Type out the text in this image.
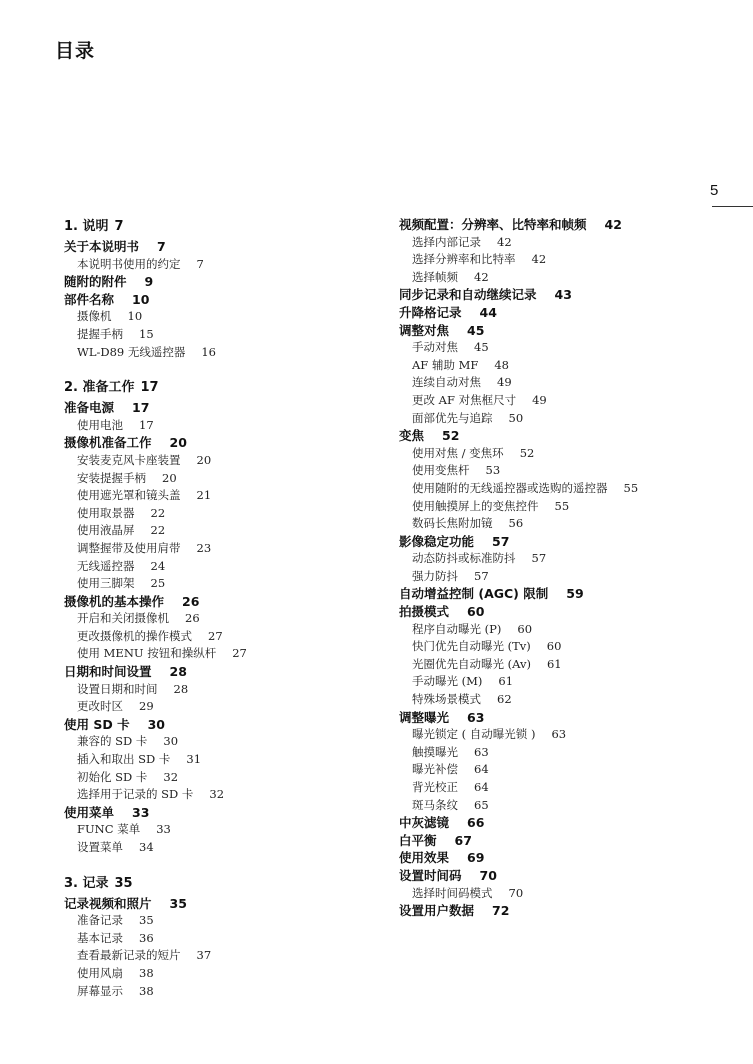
目录
5
1. 说明 7
关于本说明书 7
本说明书使用的约定 7
随附的附件 9
部件名称 10
摄像机 10
提握手柄 15
WL-D89 无线遥控器 16
2. 准备工作 17
准备电源 17
使用电池 17
摄像机准备工作 20
安装麦克风卡座装置 20
安装提握手柄 20
使用遮光罩和镜头盖 21
使用取景器 22
使用液晶屏 22
调整握带及使用肩带 23
无线遥控器 24
使用三脚架 25
摄像机的基本操作 26
开启和关闭摄像机 26
更改摄像机的操作模式 27
使用 MENU 按钮和操纵杆 27
日期和时间设置 28
设置日期和时间 28
更改时区 29
使用 SD 卡 30
兼容的 SD 卡 30
插入和取出 SD 卡 31
初始化 SD 卡 32
选择用于记录的 SD 卡 32
使用菜单 33
FUNC 菜单 33
设置菜单 34
3. 记录 35
记录视频和照片 35
准备记录 35
基本记录 36
查看最新记录的短片 37
使用风扇 38
屏幕显示 38
视频配置：分辨率、比特率和帧频 42
选择内部记录 42
选择分辨率和比特率 42
选择帧频 42
同步记录和自动继续记录 43
升降格记录 44
调整对焦 45
手动对焦 45
AF 辅助 MF 48
连续自动对焦 49
更改 AF 对焦框尺寸 49
面部优先与追踪 50
变焦 52
使用对焦 / 变焦环 52
使用变焦杆 53
使用随附的无线遥控器或选购的遥控器 55
使用触摸屏上的变焦控件 55
数码长焦附加镜 56
影像稳定功能 57
动态防抖或标准防抖 57
强力防抖 57
自动增益控制 (AGC) 限制 59
拍摄模式 60
程序自动曝光 (P) 60
快门优先自动曝光 (Tv) 60
光圈优先自动曝光 (Av) 61
手动曝光 (M) 61
特殊场景模式 62
调整曝光 63
曝光锁定 ( 自动曝光锁 ) 63
触摸曝光 63
曝光补偿 64
背光校正 64
斑马条纹 65
中灰滤镜 66
白平衡 67
使用效果 69
设置时间码 70
选择时间码模式 70
设置用户数据 72
